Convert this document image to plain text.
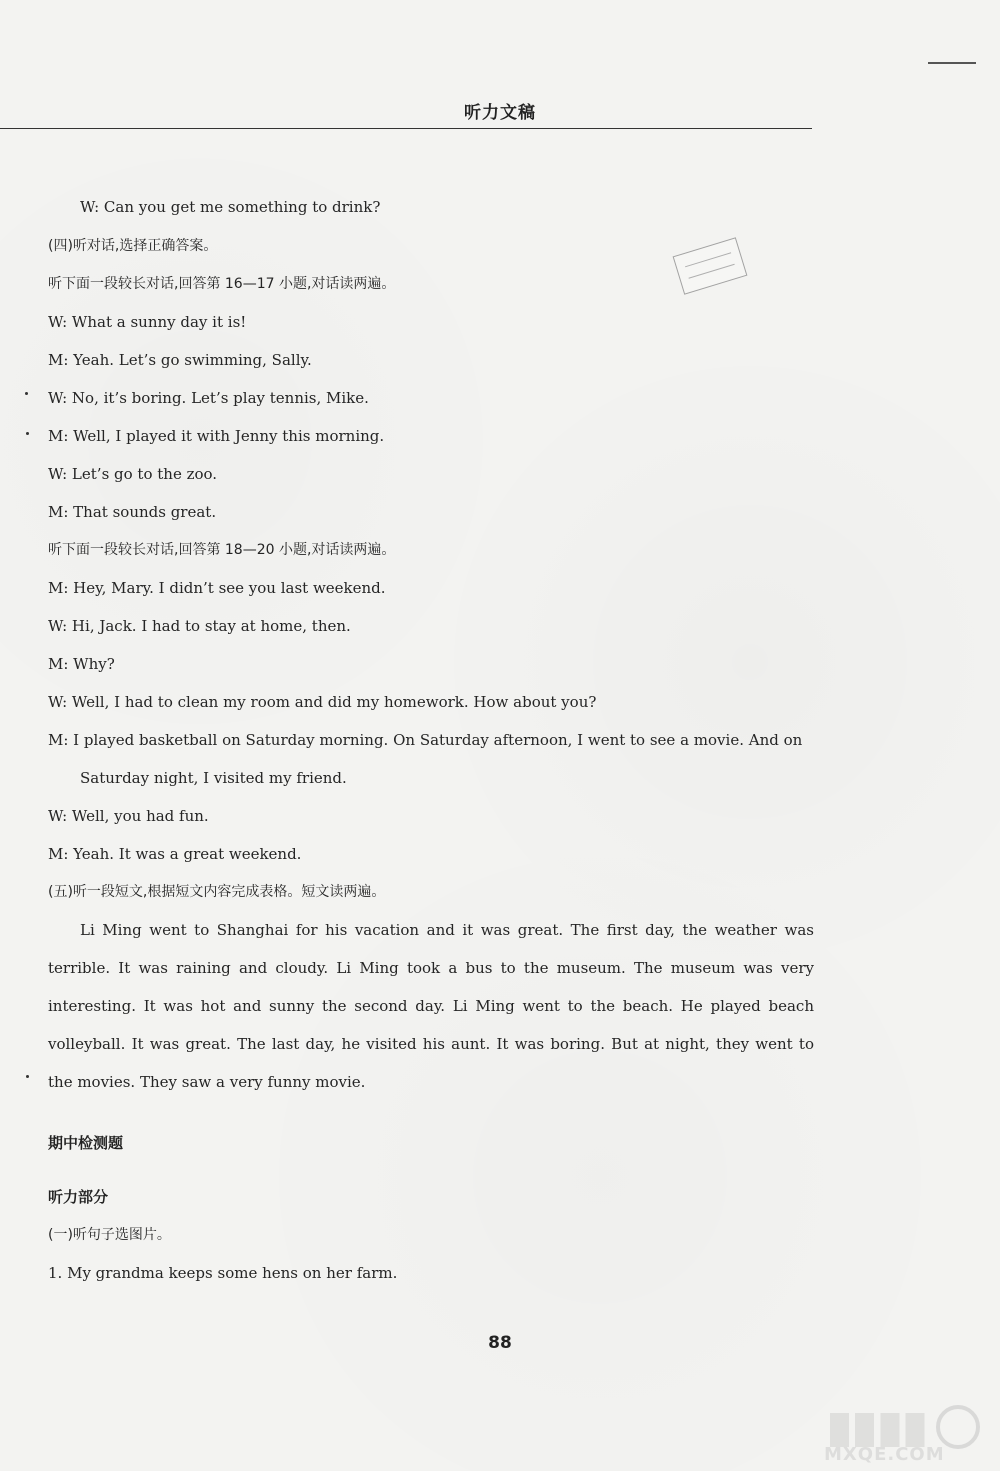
听力文稿
W: Can you get me something to drink?
(四)听对话,选择正确答案。
听下面一段较长对话,回答第 16—17 小题,对话读两遍。
W: What a sunny day it is!
M: Yeah. Let’s go swimming, Sally.
W: No, it’s boring. Let’s play tennis, Mike.
M: Well, I played it with Jenny this morning.
W: Let’s go to the zoo.
M: That sounds great.
听下面一段较长对话,回答第 18—20 小题,对话读两遍。
M: Hey, Mary. I didn’t see you last weekend.
W: Hi, Jack. I had to stay at home, then.
M: Why?
W: Well, I had to clean my room and did my homework. How about you?
M: I played basketball on Saturday morning. On Saturday afternoon, I went to see a movie. And on
Saturday night, I visited my friend.
W: Well, you had fun.
M: Yeah. It was a great weekend.
(五)听一段短文,根据短文内容完成表格。短文读两遍。
Li Ming went to Shanghai for his vacation and it was great. The first day, the weather was terrible. It was raining and cloudy. Li Ming took a bus to the museum. The museum was very interesting. It was hot and sunny the second day. Li Ming went to the beach. He played beach volleyball. It was great. The last day, he visited his aunt. It was boring. But at night, they went to the movies. They saw a very funny movie.
期中检测题
听力部分
(一)听句子选图片。
1. My grandma keeps some hens on her farm.
88
MXQE.COM
